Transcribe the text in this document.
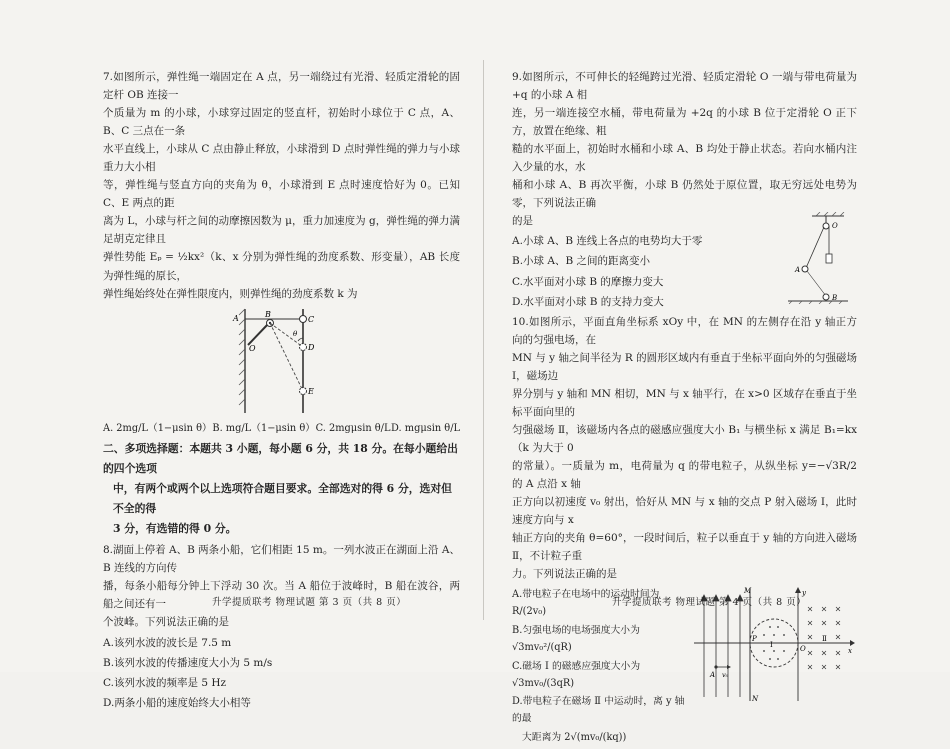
7.如图所示，弹性绳一端固定在 A 点，另一端绕过有光滑、轻质定滑轮的固定杆 OB 连接一

个质量为 m 的小球，小球穿过固定的竖直杆，初始时小球位于 C 点，A、B、C 三点在一条

水平直线上，小球从 C 点由静止释放，小球滑到 D 点时弹性绳的弹力与小球重力大小相

等，弹性绳与竖直方向的夹角为 θ，小球滑到 E 点时速度恰好为 0。已知 C、E 两点的距

离为 L，小球与杆之间的动摩擦因数为 μ，重力加速度为 g，弹性绳的弹力满足胡克定律且

弹性势能 Eₚ = ½kx²（k、x 分别为弹性绳的劲度系数、形变量），AB 长度为弹性绳的原长，

弹性绳始终处在弹性限度内，则弹性绳的劲度系数 k 为

A	B
C
D
E
O
θ
A. 2mg/L（1−μsin θ） B. mg/L（1−μsin θ） C. 2mgμsin θ/L D. mgμsin θ/L

二、多项选择题：本题共 3 小题，每小题 6 分，共 18 分。在每小题给出的四个选项

中，有两个或两个以上选项符合题目要求。全部选对的得 6 分，选对但不全的得

3 分，有选错的得 0 分。

8.湖面上停着 A、B 两条小船，它们相距 15 m。一列水波正在湖面上沿 A、B 连线的方向传

播，每条小船每分钟上下浮动 30 次。当 A 船位于波峰时，B 船在波谷，两船之间还有一

个波峰。下列说法正确的是

A.该列水波的波长是 7.5 m

B.该列水波的传播速度大小为 5 m/s

C.该列水波的频率是 5 Hz

D.两条小船的速度始终大小相等

9.如图所示，不可伸长的轻绳跨过光滑、轻质定滑轮 O 一端与带电荷量为 +q 的小球 A 相

连，另一端连接空水桶，带电荷量为 +2q 的小球 B 位于定滑轮 O 正下方，放置在绝缘、粗

糙的水平面上，初始时水桶和小球 A、B 均处于静止状态。若向水桶内注入少量的水，水

桶和小球 A、B 再次平衡，小球 B 仍然处于原位置，取无穷远处电势为零，下列说法正确

的是

A.小球 A、B 连线上各点的电势均大于零

B.小球 A、B 之间的距离变小

C.水平面对小球 B 的摩擦力变大

D.水平面对小球 B 的支持力变大

O
A
B

10.如图所示，平面直角坐标系 xOy 中，在 MN 的左侧存在沿 y 轴正方向的匀强电场，在

MN 与 y 轴之间半径为 R 的圆形区域内有垂直于坐标平面向外的匀强磁场 Ⅰ，磁场边

界分别与 y 轴和 MN 相切，MN 与 x 轴平行，在 x>0 区域存在垂直于坐标平面向里的

匀强磁场 Ⅱ，该磁场内各点的磁感应强度大小 B₁ 与横坐标 x 满足 B₁=kx（k 为大于 0

的常量）。一质量为 m，电荷量为 q 的带电粒子，从纵坐标 y=−√3R/2 的 A 点沿 x 轴

正方向以初速度 v₀ 射出，恰好从 MN 与 x 轴的交点 P 射入磁场 Ⅰ，此时速度方向与 x

轴正方向的夹角 θ=60°，一段时间后，粒子以垂直于 y 轴的方向进入磁场 Ⅱ，不计粒子重

力。下列说法正确的是

A.带电粒子在电场中的运动时间为 R/(2v₀)

B.匀强电场的电场强度大小为 √3mv₀²/(qR)

C.磁场 Ⅰ 的磁感应强度大小为 √3mv₀/(3qR)

D.带电粒子在磁场 Ⅱ 中运动时，离 y 轴的最

大距离为 2√(mv₀/(kq))

M
N
P
O	x
y
A v₀
Ⅰ
Ⅱ
升学提质联考 物理试题 第 3 页（共 8 页）	升学提质联考 物理试题 第 4 页（共 8 页）
